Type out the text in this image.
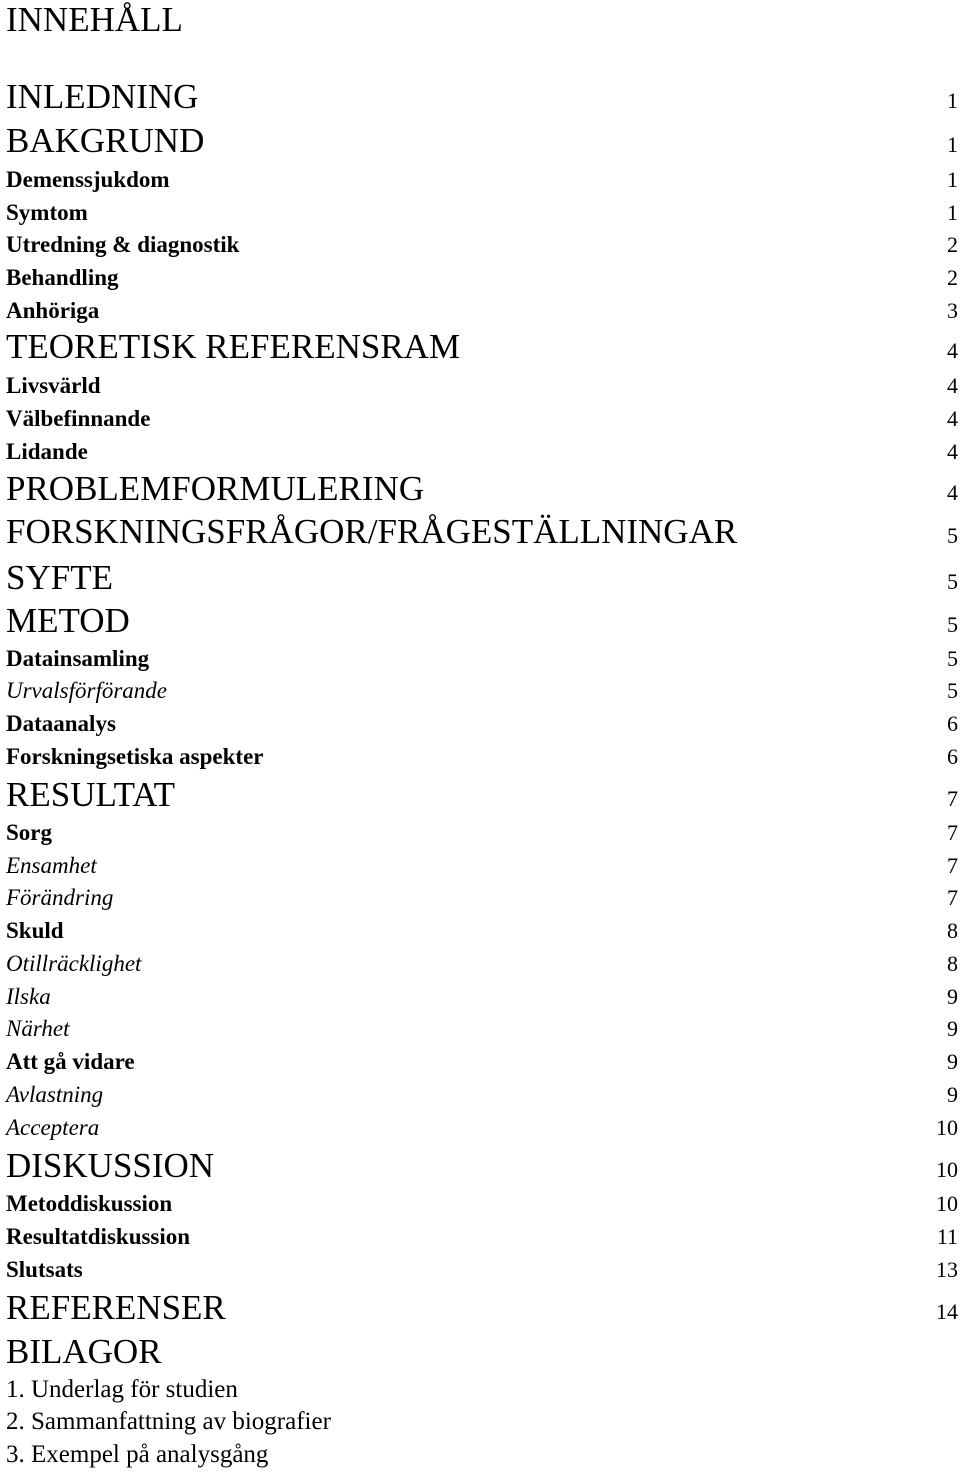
INNEHÅLL
INLEDNING	1
BAKGRUND	1
Demenssjukdom	1
Symtom	1
Utredning & diagnostik	2
Behandling	2
Anhöriga	3
TEORETISK REFERENSRAM	4
Livsvärld	4
Välbefinnande	4
Lidande	4
PROBLEMFORMULERING	4
FORSKNINGSFRÅGOR/FRÅGESTÄLLNINGAR	5
SYFTE	5
METOD	5
Datainsamling	5
Urvalsförförande	5
Dataanalys	6
Forskningsetiska aspekter	6
RESULTAT	7
Sorg	7
Ensamhet	7
Förändring	7
Skuld	8
Otillräcklighet	8
Ilska	9
Närhet	9
Att gå vidare	9
Avlastning	9
Acceptera	10
DISKUSSION	10
Metoddiskussion	10
Resultatdiskussion	11
Slutsats	13
REFERENSER	14
BILAGOR
1. Underlag för studien
2. Sammanfattning av biografier
3. Exempel på analysgång
